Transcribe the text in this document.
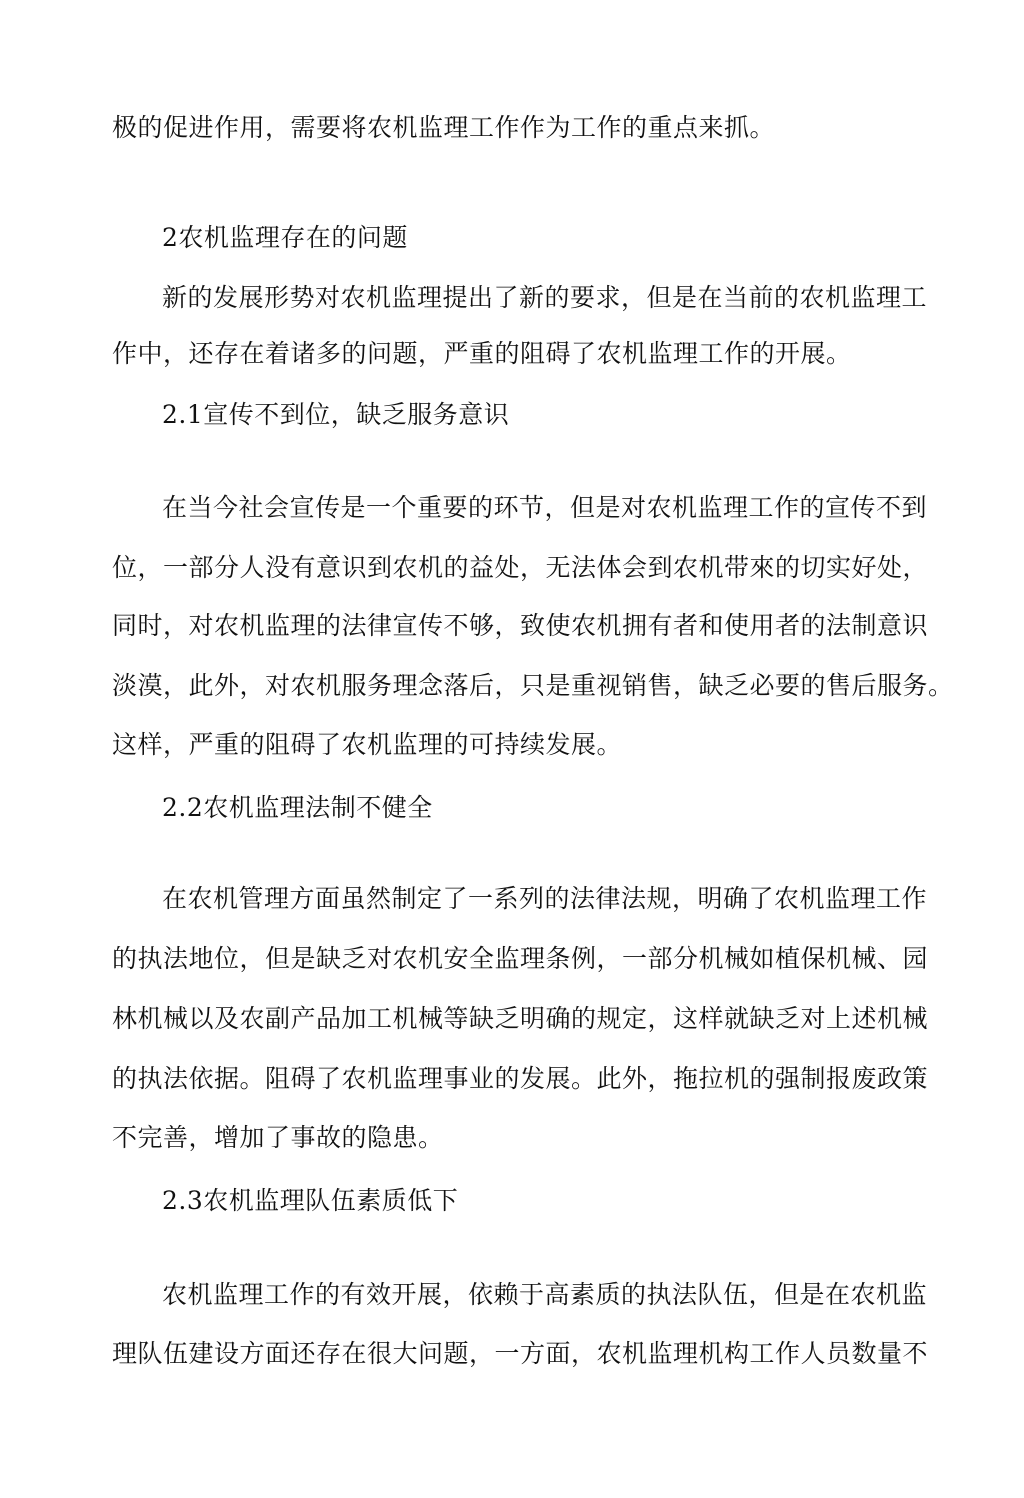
极的促进作用，需要将农机监理工作作为工作的重点来抓。
2农机监理存在的问题
新的发展形势对农机监理提出了新的要求，但是在当前的农机监理工
作中，还存在着诸多的问题，严重的阻碍了农机监理工作的开展。
2.1宣传不到位，缺乏服务意识
在当今社会宣传是一个重要的环节，但是对农机监理工作的宣传不到
位，一部分人没有意识到农机的益处，无法体会到农机带來的切实好处，
同时，对农机监理的法律宣传不够，致使农机拥有者和使用者的法制意识
淡漠，此外，对农机服务理念落后，只是重视销售，缺乏必要的售后服务。
这样，严重的阻碍了农机监理的可持续发展。
2.2农机监理法制不健全
在农机管理方面虽然制定了一系列的法律法规，明确了农机监理工作
的执法地位，但是缺乏对农机安全监理条例，一部分机械如植保机械、园
林机械以及农副产品加工机械等缺乏明确的规定，这样就缺乏对上述机械
的执法依据。阻碍了农机监理事业的发展。此外，拖拉机的强制报废政策
不完善，增加了事故的隐患。
2.3农机监理队伍素质低下
农机监理工作的有效开展，依赖于高素质的执法队伍，但是在农机监
理队伍建设方面还存在很大问题，一方面，农机监理机构工作人员数量不
